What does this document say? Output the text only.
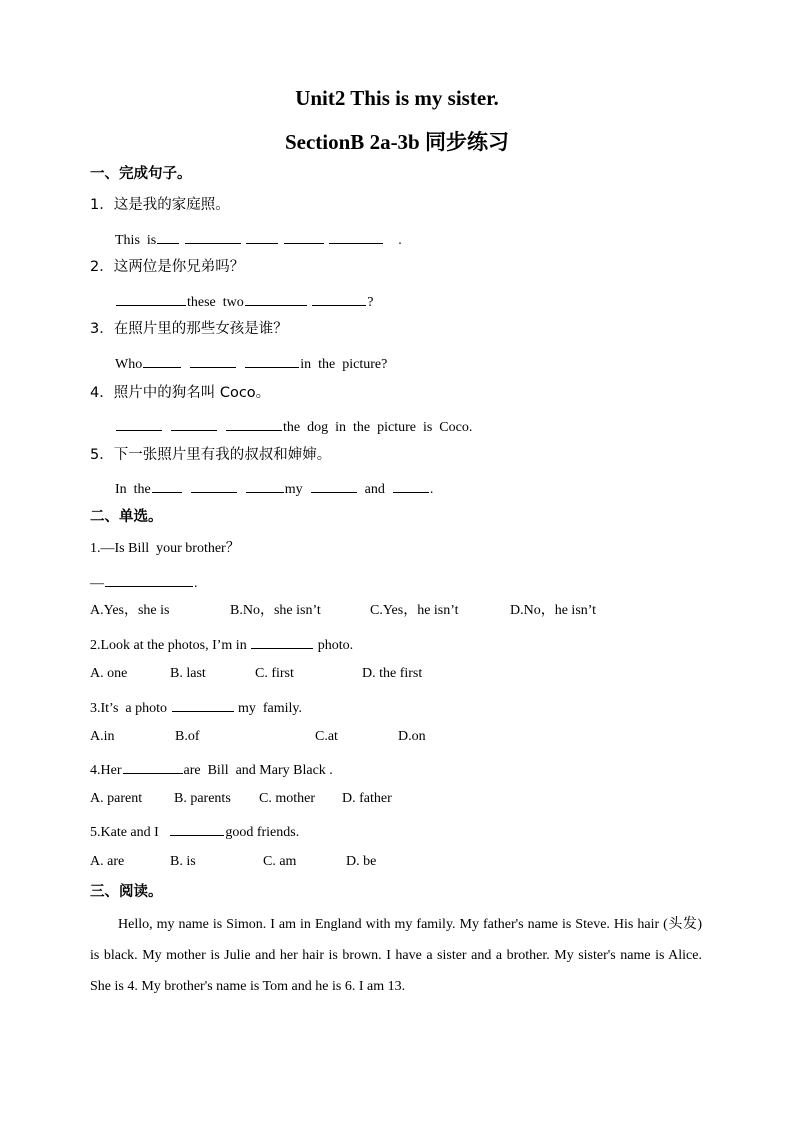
Unit2 This is my sister.
SectionB 2a-3b 同步练习
一、完成句子。
1．这是我的家庭照。
This  is	.
2．这两位是你兄弟吗？
these  two	?
3．在照片里的那些女孩是谁？
Who	in  the  picture?
4．照片中的狗名叫 Coco。
the  dog  in  the  picture  is  Coco.
5．下一张照片里有我的叔叔和婶婶。
In  the	my	and	.
二、单选。
1.—Is Bill  your brother？
—	.
A.Yes，she is	B.No，she isn’t	C.Yes，he isn’t	D.No，he isn’t
2.Look at the photos, I’m in	photo.
A. one	B. last	C. first	D. the first
3.It’s  a photo	my  family.
A.in	B.of	C.at	D.on
4.Her	are  Bill  and Mary Black .
A. parent B. parents C. mother D. father
5.Kate and I	good friends.
A. are	B. is	C. am	D. be
三、阅读。
Hello, my name is Simon. I am in England with my family. My father's name is Steve. His hair (头发) is black. My mother is Julie and her hair is brown. I have a sister and a brother. My sister's name is Alice. She is 4. My brother's name is Tom and he is 6. I am 13.
